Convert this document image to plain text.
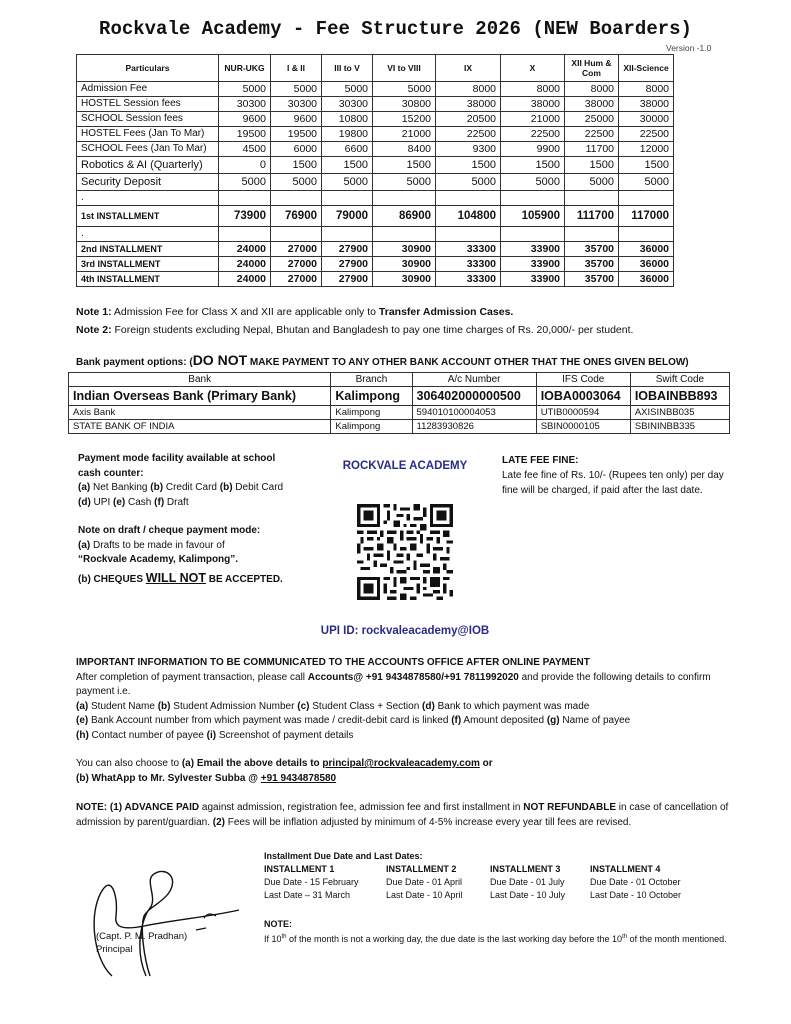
Rockvale Academy - Fee Structure 2026 (NEW Boarders)
Version -1.0
Particulars	NUR-UKG	I & II	III to V	VI to VIII	IX	X	XII Hum & Com	XII-Science
Admission Fee	5000	5000	5000	5000	8000	8000	8000	8000
HOSTEL Session fees	30300	30300	30300	30800	38000	38000	38000	38000
SCHOOL Session fees	9600	9600	10800	15200	20500	21000	25000	30000
HOSTEL Fees (Jan To Mar)	19500	19500	19800	21000	22500	22500	22500	22500
SCHOOL Fees (Jan To Mar)	4500	6000	6600	8400	9300	9900	11700	12000
Robotics & AI (Quarterly)	0	1500	1500	1500	1500	1500	1500	1500
Security Deposit	5000	5000	5000	5000	5000	5000	5000	5000
.								
1st INSTALLMENT	73900	76900	79000	86900	104800	105900	111700	117000
.								
2nd INSTALLMENT	24000	27000	27900	30900	33300	33900	35700	36000
3rd INSTALLMENT	24000	27000	27900	30900	33300	33900	35700	36000
4th INSTALLMENT	24000	27000	27900	30900	33300	33900	35700	36000
Note 1: Admission Fee for Class X and XII are applicable only to Transfer Admission Cases.
Note 2: Foreign students excluding Nepal, Bhutan and Bangladesh to pay one time charges of Rs. 20,000/- per student.
Bank payment options: (DO NOT MAKE PAYMENT TO ANY OTHER BANK ACCOUNT OTHER THAT THE ONES GIVEN BELOW)
Bank	Branch	A/c Number	IFS Code	Swift Code
Indian Overseas Bank (Primary Bank)	Kalimpong	306402000000500	IOBA0003064	IOBAINBB893
Axis Bank	Kalimpong	594010100004053	UTIB0000594	AXISINBB035
STATE BANK OF INDIA	Kalimpong	11283930826	SBIN0000105	SBININBB335
Payment mode facility available at school cash counter:
(a) Net Banking (b) Credit Card (b) Debit Card (d) UPI (e) Cash (f) Draft
Note on draft / cheque payment mode:
(a) Drafts to be made in favour of
“Rockvale Academy, Kalimpong”.
(b) CHEQUES WILL NOT BE ACCEPTED.
ROCKVALE ACADEMY
UPI ID: rockvaleacademy@IOB
LATE FEE FINE:
Late fee fine of Rs. 10/- (Rupees ten only) per day fine will be charged, if paid after the last date.
IMPORTANT INFORMATION TO BE COMMUNICATED TO THE ACCOUNTS OFFICE AFTER ONLINE PAYMENT
After completion of payment transaction, please call Accounts@ +91 9434878580/+91 7811992020 and provide the following details to confirm payment i.e.
(a) Student Name (b) Student Admission Number (c) Student Class + Section (d) Bank to which payment was made
(e) Bank Account number from which payment was made / credit-debit card is linked (f) Amount deposited (g) Name of payee
(h) Contact number of payee (i) Screenshot of payment details
You can also choose to (a) Email the above details to principal@rockvaleacademy.com or
(b) WhatApp to Mr. Sylvester Subba @ +91 9434878580
NOTE: (1) ADVANCE PAID against admission, registration fee, admission fee and first installment in NOT REFUNDABLE in case of cancellation of admission by parent/guardian. (2) Fees will be inflation adjusted by minimum of 4-5% increase every year till fees are revised.
Installment Due Date and Last Dates:
INSTALLMENT 1
Due Date - 15 February
Last Date – 31 March
INSTALLMENT 2
Due Date - 01 April
Last Date - 10 April
INSTALLMENT 3
Due Date - 01 July
Last Date - 10 July
INSTALLMENT 4
Due Date - 01 October
Last Date - 10 October
NOTE:
If 10th of the month is not a working day, the due date is the last working day before the 10th of the month mentioned.
(Capt. P. M. Pradhan)
Principal
